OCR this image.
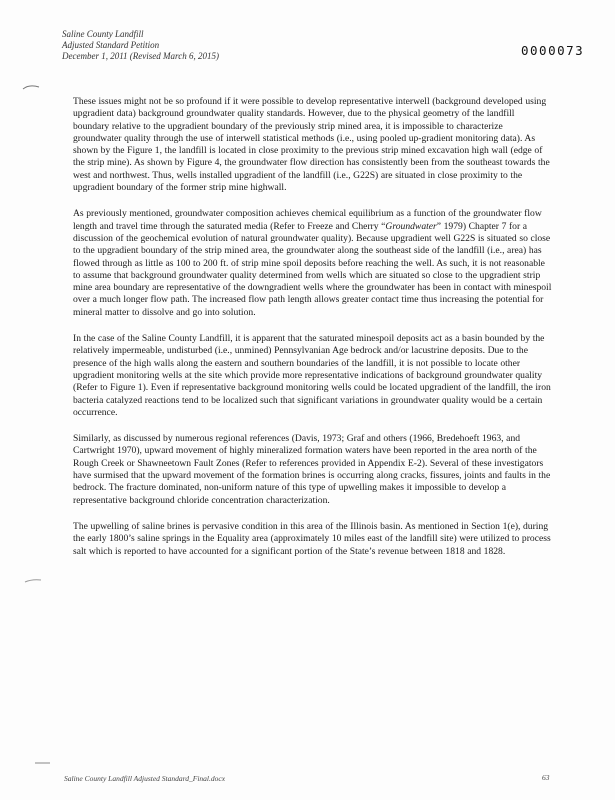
Saline County Landfill
Adjusted Standard Petition
December 1, 2011 (Revised March 6, 2015)	0000073

These issues might not be so profound if it were possible to develop representative interwell (background developed using upgradient data) background groundwater quality standards. However, due to the physical geometry of the landfill boundary relative to the upgradient boundary of the previously strip mined area, it is impossible to characterize groundwater quality through the use of interwell statistical methods (i.e., using pooled up-gradient monitoring data). As shown by the Figure 1, the landfill is located in close proximity to the previous strip mined excavation high wall (edge of the strip mine). As shown by Figure 4, the groundwater flow direction has consistently been from the southeast towards the west and northwest. Thus, wells installed upgradient of the landfill (i.e., G22S) are situated in close proximity to the upgradient boundary of the former strip mine highwall.

As previously mentioned, groundwater composition achieves chemical equilibrium as a function of the groundwater flow length and travel time through the saturated media (Refer to Freeze and Cherry “Groundwater” 1979) Chapter 7 for a discussion of the geochemical evolution of natural groundwater quality). Because upgradient well G22S is situated so close to the upgradient boundary of the strip mined area, the groundwater along the southeast side of the landfill (i.e., area) has flowed through as little as 100 to 200 ft. of strip mine spoil deposits before reaching the well. As such, it is not reasonable to assume that background groundwater quality determined from wells which are situated so close to the upgradient strip mine area boundary are representative of the downgradient wells where the groundwater has been in contact with minespoil over a much longer flow path. The increased flow path length allows greater contact time thus increasing the potential for mineral matter to dissolve and go into solution.

In the case of the Saline County Landfill, it is apparent that the saturated minespoil deposits act as a basin bounded by the relatively impermeable, undisturbed (i.e., unmined) Pennsylvanian Age bedrock and/or lacustrine deposits. Due to the presence of the high walls along the eastern and southern boundaries of the landfill, it is not possible to locate other upgradient monitoring wells at the site which provide more representative indications of background groundwater quality (Refer to Figure 1). Even if representative background monitoring wells could be located upgradient of the landfill, the iron bacteria catalyzed reactions tend to be localized such that significant variations in groundwater quality would be a certain occurrence.

Similarly, as discussed by numerous regional references (Davis, 1973; Graf and others (1966, Bredehoeft 1963, and Cartwright 1970), upward movement of highly mineralized formation waters have been reported in the area north of the Rough Creek or Shawneetown Fault Zones (Refer to references provided in Appendix E-2). Several of these investigators have surmised that the upward movement of the formation brines is occurring along cracks, fissures, joints and faults in the bedrock. The fracture dominated, non-uniform nature of this type of upwelling makes it impossible to develop a representative background chloride concentration characterization.

The upwelling of saline brines is pervasive condition in this area of the Illinois basin. As mentioned in Section 1(e), during the early 1800’s saline springs in the Equality area (approximately 10 miles east of the landfill site) were utilized to process salt which is reported to have accounted for a significant portion of the State’s revenue between 1818 and 1828.

Saline County Landfill Adjusted Standard_Final.docx	63
